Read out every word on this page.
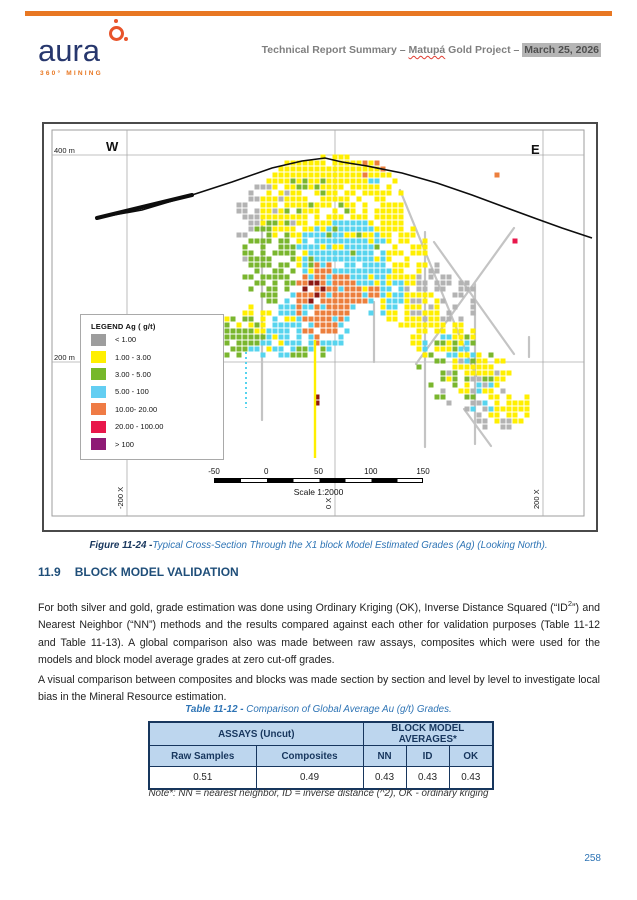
aura
360° MINING
Technical Report Summary – Matupá Gold Project – March 25, 2026
400 m
200 m
W	E
LEGEND Ag ( g/t)
< 1.00
1.00 - 3.00
3.00 - 5.00
5.00 - 100
10.00- 20.00
20.00 - 100.00
> 100
-50	0	50	100	150
Scale 1:2000
-200 X	0 X	200 X
Figure 11-24 -Typical Cross-Section Through the X1 block Model Estimated Grades (Ag) (Looking North).
11.9 BLOCK MODEL VALIDATION

For both silver and gold, grade estimation was done using Ordinary Kriging (OK), Inverse Distance Squared $(“ID^2”)$ and Nearest Neighbor (“NN”) methods and the results compared against each other for validation purposes (Table 11-12 and Table 11-13). A global comparison also was made between raw assays, composites which were used for the models and block model average grades at zero cut-off grades.

A visual comparison between composites and blocks was made section by section and level by level to investigate local bias in the Mineral Resource estimation.

Table 11-12 - Comparison of Global Average Au (g/t) Grades.
ASSAYS (Uncut)		BLOCK MODEL AVERAGES*		
Raw Samples	Composites	NN	ID	OK
0.51	0.49	0.43	0.43	0.43
Note*: NN = nearest neighbor, ID = inverse distance (^2), OK - ordinary kriging
258
